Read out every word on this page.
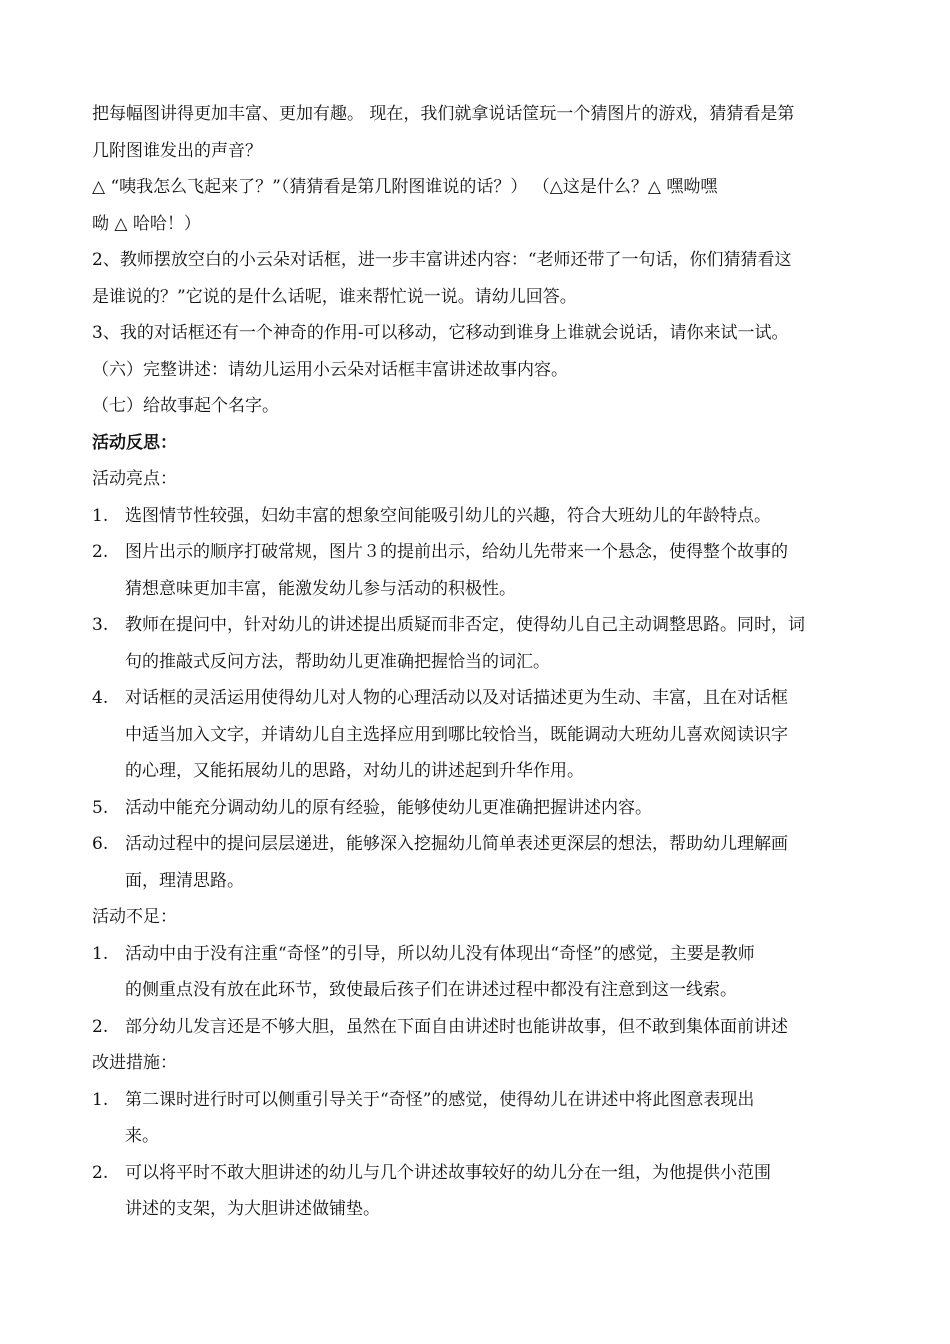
把每幅图讲得更加丰富、更加有趣。 现在，我们就拿说话筐玩一个猜图片的游戏，猜猜看是第

几附图谁发出的声音？

△ “咦我怎么飞起来了？”（猜猜看是第几附图谁说的话？） （△这是什么？△ 嘿呦嘿

呦 △ 哈哈！）

2、教师摆放空白的小云朵对话框，进一步丰富讲述内容：“老师还带了一句话，你们猜猜看这

是谁说的？”它说的是什么话呢，谁来帮忙说一说。请幼儿回答。

3、我的对话框还有一个神奇的作用-可以移动，它移动到谁身上谁就会说话，请你来试一试。

（六）完整讲述：请幼儿运用小云朵对话框丰富讲述故事内容。

（七）给故事起个名字。

活动反思：

活动亮点：

1. 选图情节性较强，妇幼丰富的想象空间能吸引幼儿的兴趣，符合大班幼儿的年龄特点。

2. 图片出示的顺序打破常规，图片３的提前出示，给幼儿先带来一个悬念，使得整个故事的

猜想意味更加丰富，能激发幼儿参与活动的积极性。

3. 教师在提问中，针对幼儿的讲述提出质疑而非否定，使得幼儿自己主动调整思路。同时，词

句的推敲式反问方法，帮助幼儿更准确把握恰当的词汇。

4. 对话框的灵活运用使得幼儿对人物的心理活动以及对话描述更为生动、丰富，且在对话框

中适当加入文字，并请幼儿自主选择应用到哪比较恰当，既能调动大班幼儿喜欢阅读识字

的心理，又能拓展幼儿的思路，对幼儿的讲述起到升华作用。

5. 活动中能充分调动幼儿的原有经验，能够使幼儿更准确把握讲述内容。

6. 活动过程中的提问层层递进，能够深入挖掘幼儿简单表述更深层的想法，帮助幼儿理解画

面，理清思路。

活动不足：

1. 活动中由于没有注重“奇怪”的引导，所以幼儿没有体现出“奇怪”的感觉，主要是教师

的侧重点没有放在此环节，致使最后孩子们在讲述过程中都没有注意到这一线索。

2. 部分幼儿发言还是不够大胆，虽然在下面自由讲述时也能讲故事，但不敢到集体面前讲述

改进措施：

1. 第二课时进行时可以侧重引导关于“奇怪”的感觉，使得幼儿在讲述中将此图意表现出

来。

2. 可以将平时不敢大胆讲述的幼儿与几个讲述故事较好的幼儿分在一组，为他提供小范围

讲述的支架，为大胆讲述做铺垫。
